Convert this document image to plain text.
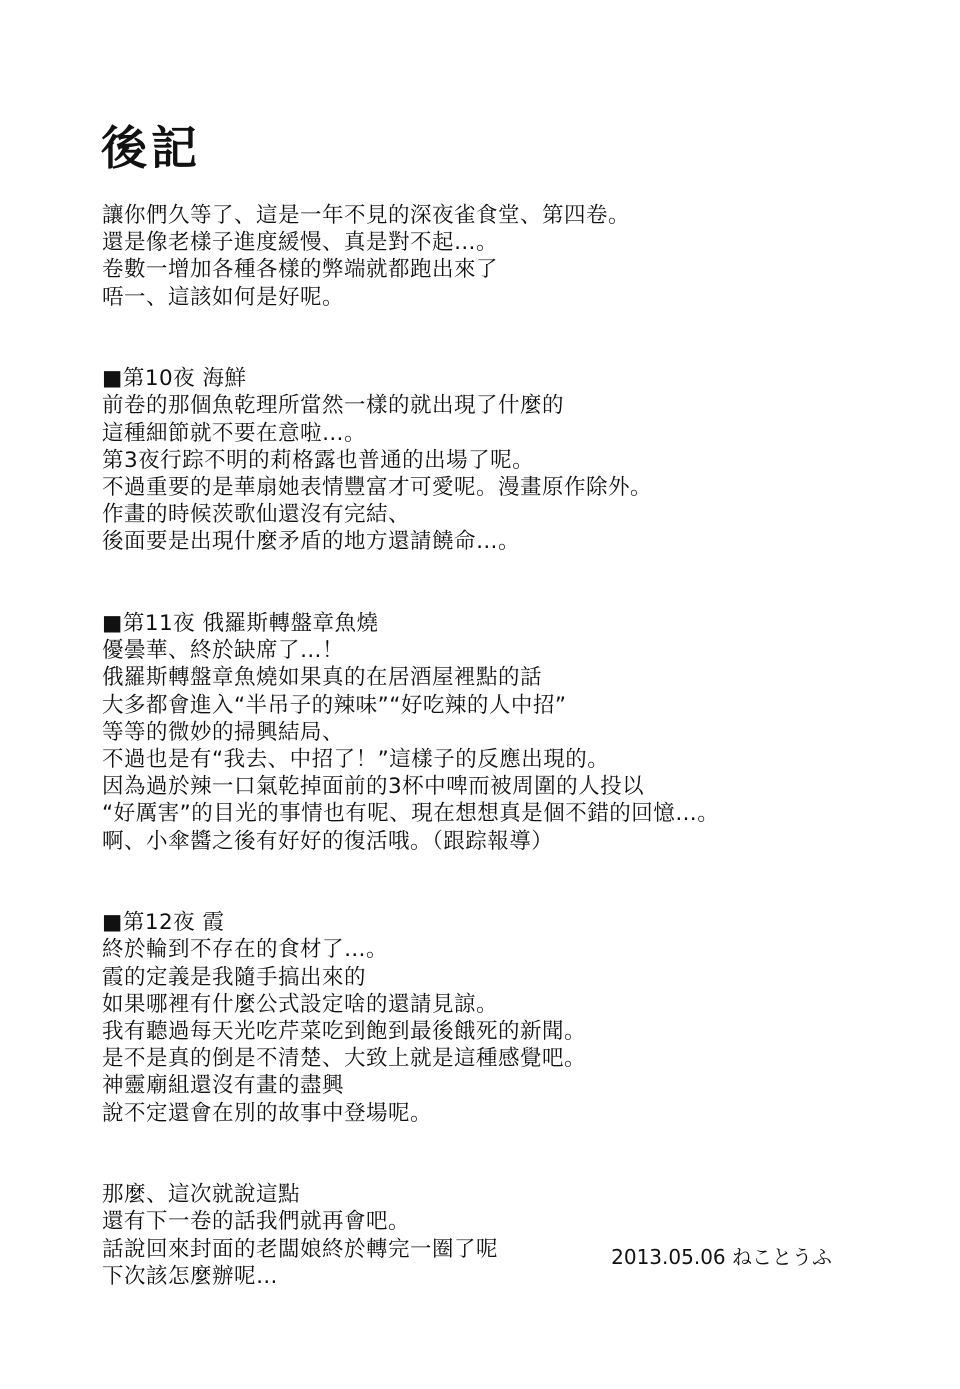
後記

讓你們久等了、這是一年不見的深夜雀食堂、第四卷。

還是像老樣子進度緩慢、真是對不起…。

卷數一增加各種各樣的弊端就都跑出來了

唔一、這該如何是好呢。

■第10夜 海鮮

前卷的那個魚乾理所當然一樣的就出現了什麼的

這種細節就不要在意啦…。

第3夜行踪不明的莉格露也普通的出場了呢。

不過重要的是華扇她表情豐富才可愛呢。漫畫原作除外。

作畫的時候茨歌仙還沒有完結、

後面要是出現什麼矛盾的地方還請饒命…。

■第11夜 俄羅斯轉盤章魚燒

優曇華、終於缺席了…！

俄羅斯轉盤章魚燒如果真的在居酒屋裡點的話

大多都會進入“半吊子的辣味”“好吃辣的人中招”

等等的微妙的掃興結局、

不過也是有“我去、中招了！”這樣子的反應出現的。

因為過於辣一口氣乾掉面前的3杯中啤而被周圍的人投以

“好厲害”的目光的事情也有呢、現在想想真是個不錯的回憶…。

啊、小傘醬之後有好好的復活哦。（跟踪報導）

■第12夜 霞

終於輪到不存在的食材了…。

霞的定義是我隨手搞出來的

如果哪裡有什麼公式設定啥的還請見諒。

我有聽過每天光吃芹菜吃到飽到最後餓死的新聞。

是不是真的倒是不清楚、大致上就是這種感覺吧。

神靈廟組還沒有畫的盡興

說不定還會在別的故事中登場呢。

那麼、這次就說這點

還有下一卷的話我們就再會吧。

話說回來封面的老闆娘終於轉完一圈了呢

下次該怎麼辦呢…

2013.05.06 ねことうふ
